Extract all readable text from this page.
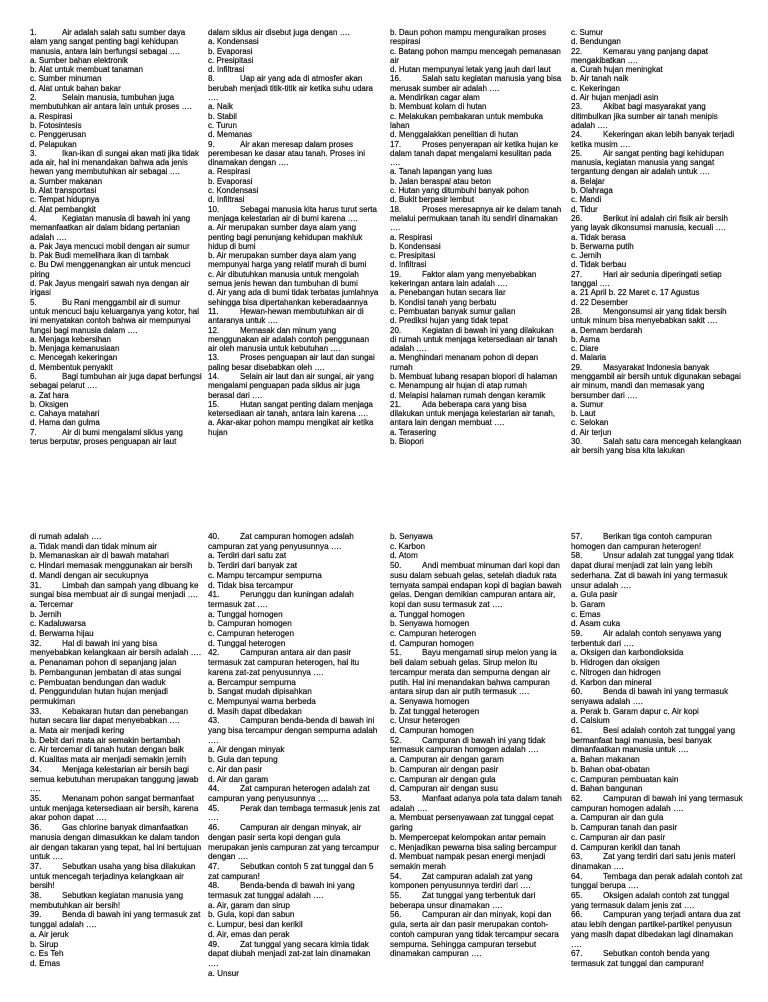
1.	Air adalah salah satu sumber daya alam yang sangat penting bagi kehidupan manusia, antara lain berfungsi sebagai ….
a. Sumber bahan elektronik
b. Alat untuk membuat tanaman
c. Sumber minuman
d. Alat untuk bahan bakar
2.	Selain manusia, tumbuhan juga membutuhkan air antara lain untuk proses ….
a. Respirasi
b. Fotosintesis
c. Penggerusan
d. Pelapukan
3.	Ikan-ikan di sungai akan mati jika tidak ada air, hal ini menandakan bahwa ada jenis hewan yang membutuhkan air sebagai ….
a. Sumber makanan
b. Alat transportasi
c. Tempat hidupnya
d. Alat pembangkit
4.	Kegiatan manusia di bawah ini yang memanfaatkan air dalam bidang pertanian adalah ….
a. Pak Jaya mencuci mobil dengan air sumur
b. Pak Budi memelihara ikan di tambak
c. Bu Dwi menggenangkan air untuk mencuci piring
d. Pak Jayus mengairi sawah nya dengan air irigasi
5.	Bu Rani menggambil air di sumur untuk mencuci baju keluarganya yang kotor, hal ini menyatakan contoh bahwa air mempunyai fungsi bagi manusia dalam ….
a. Menjaga kebersihan
b. Menjaga kemanusiaan
c. Mencegah kekeringan
d. Membentuk penyakit
6.	Bagi tumbuhan air juga dapat berfungsi sebagai pelarut ….
a. Zat hara
b. Oksigen
c. Cahaya matahari
d. Hama dan gulma
7.	Air di bumi mengalami siklus yang terus berputar, proses penguapan air laut
dalam siklus air disebut juga dengan ….
a. Kondensasi
b. Evaporasi
c. Presipitasi
d. Infiltrasi
8.	Uap air yang ada di atmosfer akan berubah menjadi titik-titik air ketika suhu udara ….
a. Naik
b. Stabil
c. Turun
d. Memanas
9.	Air akan meresap dalam proses perembesan ke dasar atau tanah. Proses ini dinamakan dengan ….
a. Respirasi
b. Evaporasi
c. Kondensasi
d. Infiltrasi
10.	Sebagai manusia kita harus turut serta menjaga kelestarian air di bumi karena ….
a. Air merupakan sumber daya alam yang penting bagi penunjang kehidupan makhluk hidup di bumi
b. Air merupakan sumber daya alam yang mempunyai harga yang relatif murah di bumi
c. Air dibutuhkan manusia untuk mengolah semua jenis hewan dan tumbuhan di bumi
d. Air yang ada di bumi tidak terbatas jumlahnya sehingga bisa dipertahankan keberadaannya
11.	Hewan-hewan membutuhkan air di antaranya untuk ….
12.	Memasak dan minum yang menggunakan air adalah contoh penggunaan air oleh manusia untuk kebutuhan ….
13.	Proses penguapan air laut dan sungai paling besar disebabkan oleh ….
14.	Selain air laut dan air sungai, air yang mengalami penguapan pada siklus air juga berasal dari ….
15.	Hutan sangat penting dalam menjaga ketersediaan air tanah, antara lain karena ….
a. Akar-akar pohon mampu mengikat air ketika hujan
b. Daun pohon mampu menguraikan proses respirasi
c. Batang pohon mampu mencegah pemanasan air
d. Hutan mempunyai letak yang jauh dari laut
16.	Salah satu kegiatan manusia yang bisa merusak sumber air adalah ….
a. Mendirikan cagar alam
b. Membuat kolam di hutan
c. Melakukan pembakaran untuk membuka lahan
d. Menggalakkan penelitian di hutan
17.	Proses penyerapan air ketika hujan ke dalam tanah dapat mengalami kesulitan pada ….
a. Tanah lapangan yang luas
b. Jalan beraspal atau beton
c. Hutan yang ditumbuhi banyak pohon
d. Bukit berpasir lembut
18.	Proses meresapnya air ke dalam tanah melalui permukaan tanah itu sendiri dinamakan ….
a. Respirasi
b. Kondensasi
c. Presipitasi
d. Infiltrasi
19.	Faktor alam yang menyebabkan kekeringan antara lain adalah ….
a. Penebangan hutan secara liar
b. Kondisi tanah yang berbatu
c. Pembuatan banyak sumur galian
d. Prediksi hujan yang tidak tepat
20.	Kegiatan di bawah ini yang dilakukan di rumah untuk menjaga ketersediaan air tanah adalah ….
a. Menghindari menanam pohon di depan rumah
b. Membuat lubang resapan biopori di halaman
c. Menampung air hujan di atap rumah
d. Melapisi halaman rumah dengan keramik
21.	Ada beberapa cara yang bisa dilakukan untuk menjaga kelestarian air tanah, antara lain dengan membuat ….
a. Terasering
b. Biopori
c. Sumur
d. Bendungan
22.	Kemarau yang panjang dapat mengakibatkan ….
a. Curah hujan meningkat
b. Air tanah naik
c. Kekeringan
d. Air hujan menjadi asin
23.	Akibat bagi masyarakat yang ditimbulkan jika sumber air tanah menipis adalah ….
24.	Kekeringan akan lebih banyak terjadi ketika musim ….
25.	Air sangat penting bagi kehidupan manusia, kegiatan manusia yang sangat tergantung dengan air adalah untuk ….
a. Belajar
b. Olahraga
c. Mandi
d. Tidur
26.	Berikut ini adalah ciri fisik air bersih yang layak dikonsumsi manusia, kecuali ….
a. Tidak berasa
b. Berwarna putih
c. Jernih
d. Tidak berbau
27.	Hari air sedunia diperingati setiap tanggal ….
a. 21 April b. 22 Maret c. 17 Agustus
d. 22 Desember
28.	Mengonsumsi air yang tidak bersih untuk minum bisa menyebabkan sakit ….
a. Demam berdarah
b. Asma
c. Diare
d. Malaria
29.	Masyarakat Indonesia banyak menggambil air bersih untuk digunakan sebagai air minum, mandi dan memasak yang bersumber dari ….
a. Sumur
b. Laut
c. Selokan
d. Air terjun
30.	Salah satu cara mencegah kelangkaan air bersih yang bisa kita lakukan
di rumah adalah ….
a. Tidak mandi dan tidak minum air
b. Memanaskan air di bawah matahari
c. Hindari memasak menggunakan air bersih
d. Mandi dengan air secukupnya
31.	Limbah dan sampah yang dibuang ke sungai bisa membuat air di sungai menjadi ….
a. Tercemar
b. Jernih
c. Kadaluwarsa
d. Berwarna hijau
32.	Hal di bawah ini yang bisa menyebabkan kelangkaan air bersih adalah ….
a. Penanaman pohon di sepanjang jalan
b. Pembangunan jembatan di atas sungai
c. Pembuatan bendungan dan waduk
d. Penggundulan hutan hujan menjadi permukiman
33.	Kebakaran hutan dan penebangan hutan secara liar dapat menyebabkan ….
a. Mata air menjadi kering
b. Debit dari mata air semakin bertambah
c. Air tercemar di tanah hutan dengan baik
d. Kualitas mata air menjadi semakin jernih
34.	Menjaga kelestarian air bersih bagi semua kebutuhan merupakan tanggung jawab ….
35.	Menanam pohon sangat bermanfaat untuk menjaga ketersediaan air bersih, karena akar pohon dapat ….
36.	Gas chlorine banyak dimanfaatkan manusia dengan dimasukkan ke dalam tandon air dengan takaran yang tepat, hal ini bertujuan untuk ….
37.	Sebutkan usaha yang bisa dilakukan untuk mencegah terjadinya kelangkaan air bersih!
38.	Sebutkan kegiatan manusia yang membutuhkan air bersih!
39.	Benda di bawah ini yang termasuk zat tunggal adalah ….
a. Air jeruk
b. Sirup
c. Es Teh
d. Emas
40.	Zat campuran homogen adalah campuran zat yang penyusunnya ….
a. Terdiri dari satu zat
b. Terdiri dari banyak zat
c. Mampu tercampur sempurna
d. Tidak bisa tercampur
41.	Perunggu dan kuningan adalah termasuk zat ….
a. Tunggal homogen
b. Campuran homogen
c. Campuran heterogen
d. Tunggal heterogen
42.	Campuran antara air dan pasir termasuk zat campuran heterogen, hal itu karena zat-zat penyusunnya ….
a. Bercampur sempurna
b. Sangat mudah dipisahkan
c. Mempunyai warna berbeda
d. Masih dapat dibedakan
43.	Campuran benda-benda di bawah ini yang bisa tercampur dengan sempurna adalah ….
a. Air dengan minyak
b. Gula dan tepung
c. Air dan pasir
d. Air dan garam
44.	Zat campuran heterogen adalah zat campuran yang penyusunnya ….
45.	Perak dan tembaga termasuk jenis zat ….
46.	Campuran air dengan minyak, air dengan pasir serta kopi dengan gula merupakan jenis campuran zat yang tercampur dengan ….
47.	Sebutkan contoh 5 zat tunggal dan 5 zat campuran!
48.	Benda-benda di bawah ini yang termasuk zat tunggal adalah ….
a. Air, garam dan sirup
b. Gula, kopi dan sabun
c. Lumpur, besi dan kerikil
d. Air, emas dan perak
49.	Zat tunggal yang secara kimia tidak dapat diubah menjadi zat-zat lain dinamakan ….
a. Unsur
b. Senyawa
c. Karbon
d. Atom
50.	Andi membuat minuman dari kopi dan susu dalam sebuah gelas, setelah diaduk rata ternyata sampai endapan kopi di bagian bawah gelas. Dengan demikian campuran antara air, kopi dan susu termasuk zat ….
a. Tunggal homogen
b. Senyawa homogen
c. Campuran heterogen
d. Campuran homogen
51.	Bayu mengamati sirup melon yang ia beli dalam sebuah gelas. Sirup melon itu tercampur merata dan sempurna dengan air putih. Hal ini menandakan bahwa campuran antara sirup dan air putih termasuk ….
a. Senyawa homogen
b. Zat tunggal heterogen
c. Unsur heterogen
d. Campuran homogen
52.	Campuran di bawah ini yang tidak termasuk campuran homogen adalah ….
a. Campuran air dengan garam
b. Campuran air dengan pasir
c. Campuran air dengan gula
d. Campuran air dengan susu
53.	Manfaat adanya pola tata dalam tanah adalah ….
a. Membuat persenyawaan zat tunggal cepat garing
b. Mempercepat kelompokan antar pemain
c. Menjadikan pewarna bisa saling bercampur
d. Membuat nampak pesan energi menjadi semakin merah
54.	Zat campuran adalah zat yang komponen penyusunnya terdiri dari ….
55.	Zat tunggal yang terbentuk dari beberapa unsur dinamakan ….
56.	Campuran air dan minyak, kopi dan gula, serta air dan pasir merupakan contoh-contoh campuran yang tidak tercampur secara sempurna. Sehingga campuran tersebut dinamakan campuran ….
57.	Berikan tiga contoh campuran homogen dan campuran heterogen!
58.	Unsur adalah zat tunggal yang tidak dapat diurai menjadi zat lain yang lebih sederhana. Zat di bawah ini yang termasuk unsur adalah ….
a. Gula pasir
b. Garam
c. Emas
d. Asam cuka
59.	Air adalah contoh senyawa yang terbentuk dari ….
a. Oksigen dan karbondioksida
b. Hidrogen dan oksigen
c. Nitrogen dan hidrogen
d. Karbon dan mineral
60.	Benda di bawah ini yang termasuk senyawa adalah ….
a. Perak b. Garam dapur c. Air kopi
d. Calsium
61.	Besi adalah contoh zat tunggal yang bermanfaat bagi manusia, besi banyak dimanfaatkan manusia untuk ….
a. Bahan makanan
b. Bahan obat-obatan
c. Campuran pembuatan kain
d. Bahan bangunan
62.	Campuran di bawah ini yang termasuk campuran homogen adalah ….
a. Campuran air dan gula
b. Campuran tanah dan pasir
c. Campuran air dan pasir
d. Campuran kerikil dan tanah
63.	Zat yang terdiri dari satu jenis materi dinamakan ….
64.	Tembaga dan perak adalah contoh zat tunggal berupa ….
65.	Oksigen adalah contoh zat tunggal yang termasuk dalam jenis zat ….
66.	Campuran yang terjadi antara dua zat atau lebih dengan partikel-partikel penyusun yang masih dapat dibedakan lagi dinamakan ….
67.	Sebutkan contoh benda yang termasuk zat tunggal dan campuran!
